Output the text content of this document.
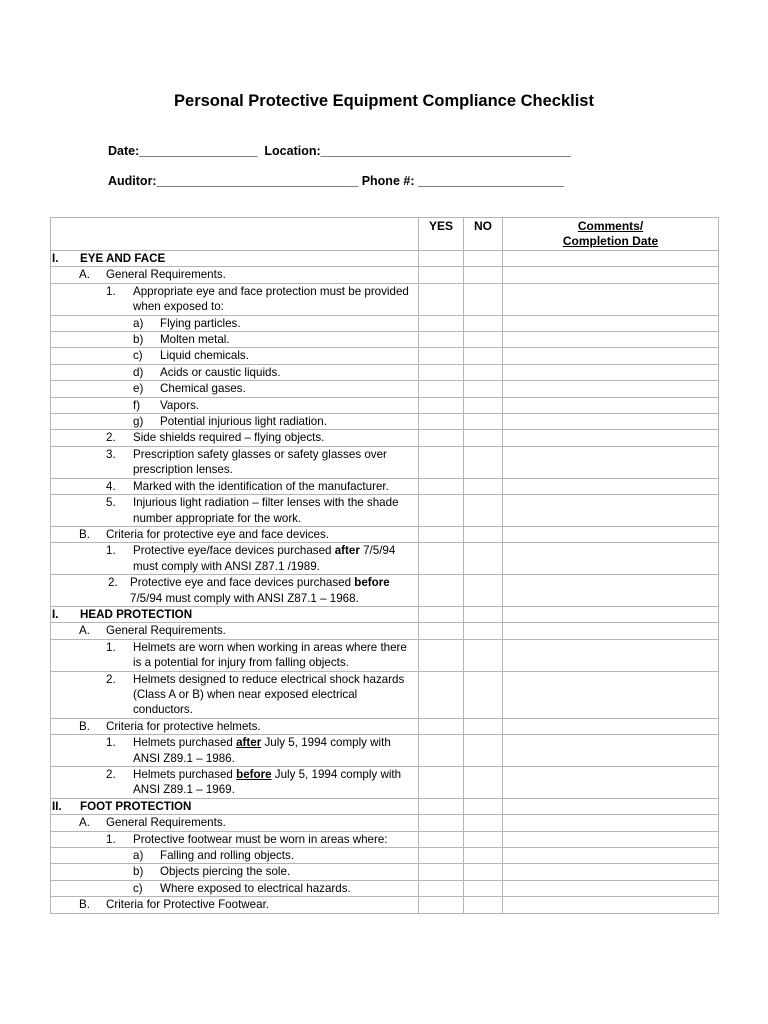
Personal Protective Equipment Compliance Checklist
Date:_________________ Location:____________________________________
Auditor:_____________________________ Phone #: _____________________
	YES	NO	Comments/
Completion Date

I. EYE AND FACE			

A. General Requirements.			

1. Appropriate eye and face protection must be provided when exposed to:			

a) Flying particles.			

b) Molten metal.			

c) Liquid chemicals.			

d) Acids or caustic liquids.			

e) Chemical gases.			

f) Vapors.			

g) Potential injurious light radiation.			

2. Side shields required – flying objects.			

3. Prescription safety glasses or safety glasses over prescription lenses.			

4. Marked with the identification of the manufacturer.			

5. Injurious light radiation – filter lenses with the shade number appropriate for the work.			

B. Criteria for protective eye and face devices.			

1. Protective eye/face devices purchased after 7/5/94 must comply with ANSI Z87.1 /1989.			

2. Protective eye and face devices purchased before 7/5/94 must comply with ANSI Z87.1 – 1968.			

I. HEAD PROTECTION			

A. General Requirements.			

1. Helmets are worn when working in areas where there is a potential for injury from falling objects.			

2. Helmets designed to reduce electrical shock hazards (Class A or B) when near exposed electrical conductors.			

B. Criteria for protective helmets.			

1. Helmets purchased after July 5, 1994 comply with ANSI Z89.1 – 1986.			

2. Helmets purchased before July 5, 1994 comply with ANSI Z89.1 – 1969.			

II. FOOT PROTECTION			

A. General Requirements.			

1. Protective footwear must be worn in areas where:			

a) Falling and rolling objects.			

b) Objects piercing the sole.			

c) Where exposed to electrical hazards.			

B. Criteria for Protective Footwear.			
